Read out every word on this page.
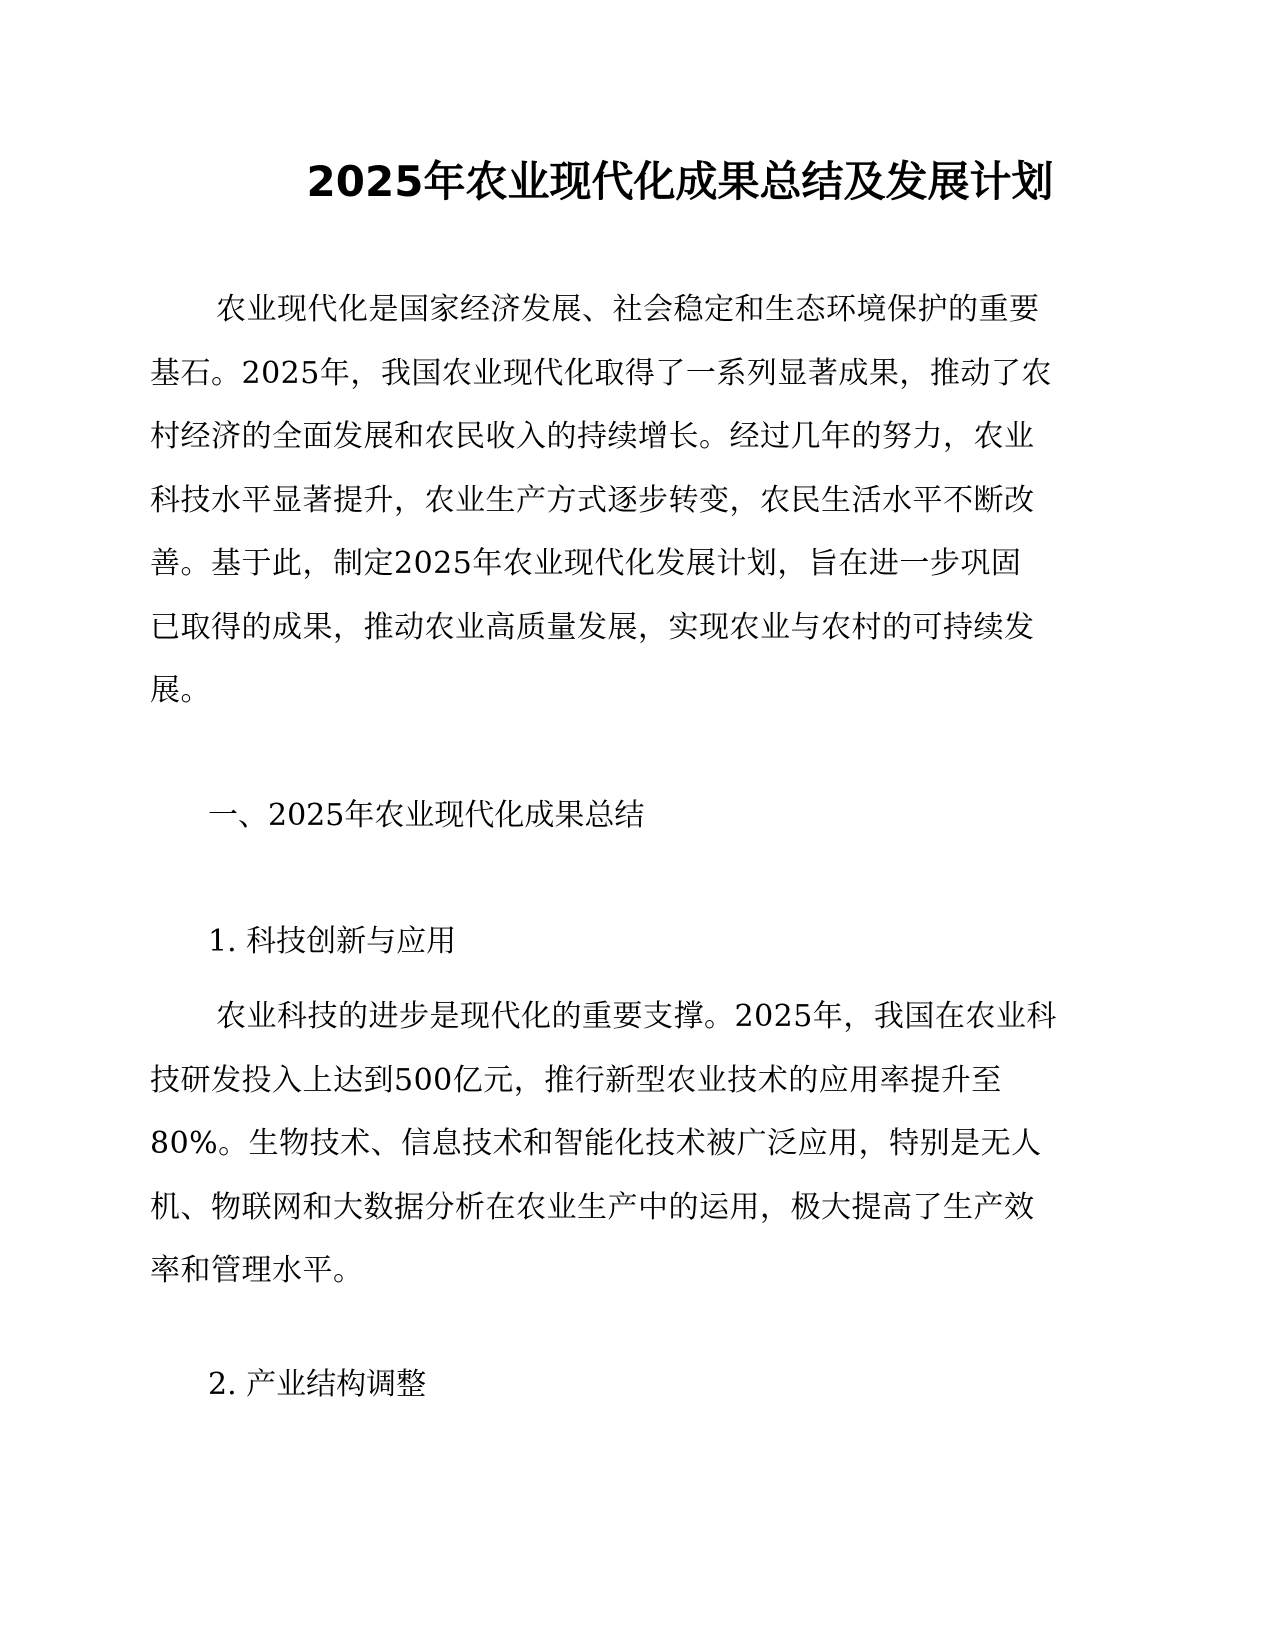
2025年农业现代化成果总结及发展计划
农业现代化是国家经济发展、社会稳定和生态环境保护的重要
基石。2025年，我国农业现代化取得了一系列显著成果，推动了农
村经济的全面发展和农民收入的持续增长。经过几年的努力，农业
科技水平显著提升，农业生产方式逐步转变，农民生活水平不断改
善。基于此，制定2025年农业现代化发展计划，旨在进一步巩固
已取得的成果，推动农业高质量发展，实现农业与农村的可持续发
展。
一、2025年农业现代化成果总结
1. 科技创新与应用
农业科技的进步是现代化的重要支撑。2025年，我国在农业科
技研发投入上达到500亿元，推行新型农业技术的应用率提升至
80%。生物技术、信息技术和智能化技术被广泛应用，特别是无人
机、物联网和大数据分析在农业生产中的运用，极大提高了生产效
率和管理水平。
2. 产业结构调整
